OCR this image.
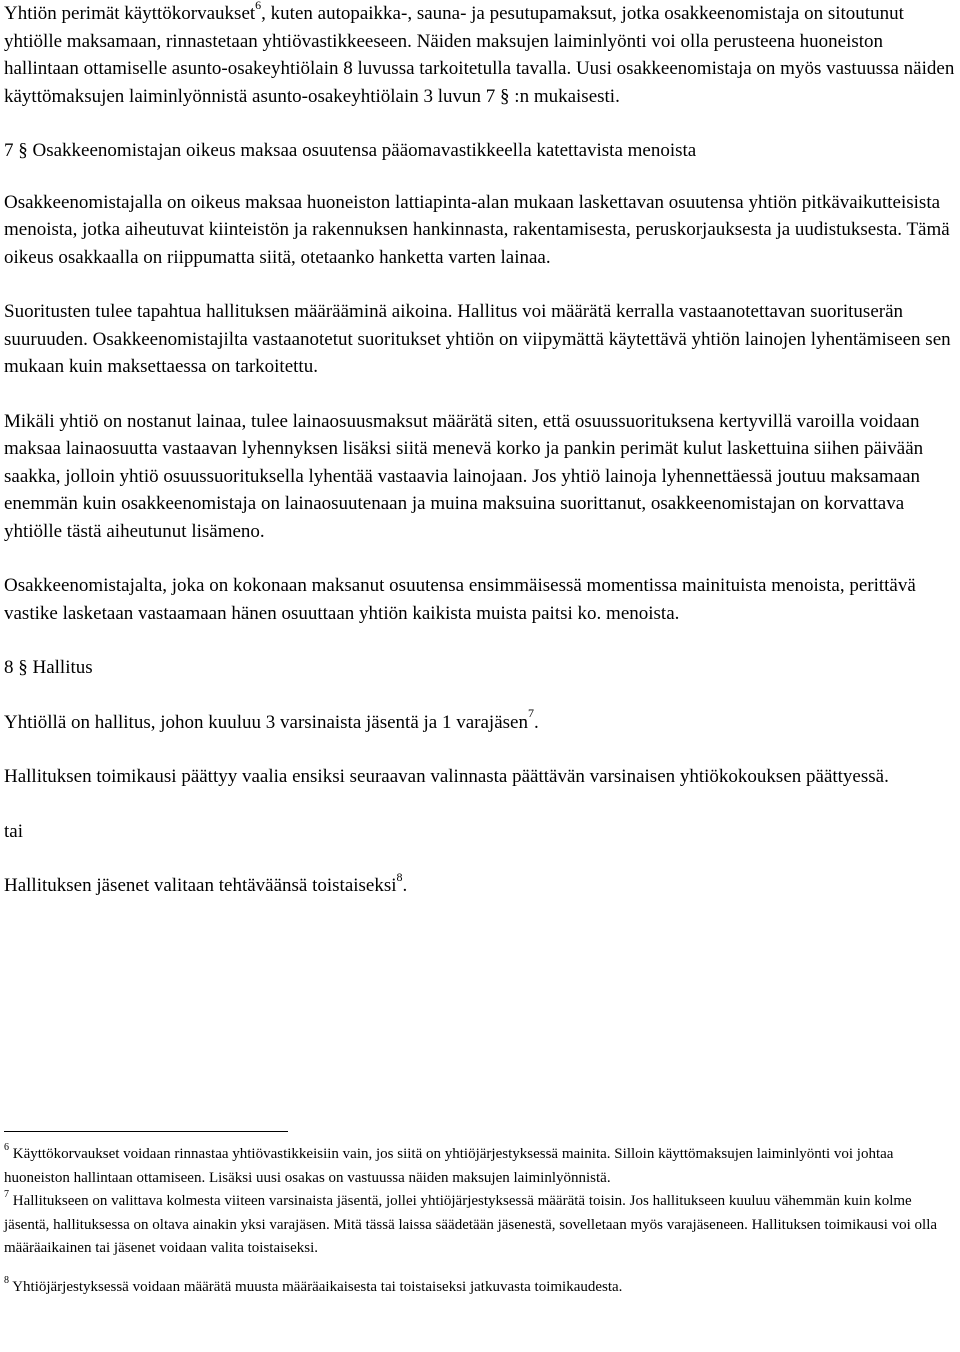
Yhtiön perimät käyttökorvaukset$^6$, kuten autopaikka-, sauna- ja pesutupamaksut, jotka osakkeenomistaja on sitoutunut yhtiölle maksamaan, rinnastetaan yhtiövastikkeeseen. Näiden maksujen laiminlyönti voi olla perusteena huoneiston hallintaan ottamiselle asunto-osakeyhtiölain 8 luvussa tarkoitetulla tavalla. Uusi osakkeenomistaja on myös vastuussa näiden käyttömaksujen laiminlyönnistä asunto-osakeyhtiölain 3 luvun 7 § :n mukaisesti.

7 § Osakkeenomistajan oikeus maksaa osuutensa pääomavastikkeella katettavista menoista

Osakkeenomistajalla on oikeus maksaa huoneiston lattiapinta-alan mukaan laskettavan osuutensa yhtiön pitkävaikutteisista menoista, jotka aiheutuvat kiinteistön ja rakennuksen hankinnasta, rakentamisesta, peruskorjauksesta ja uudistuksesta. Tämä oikeus osakkaalla on riippumatta siitä, otetaanko hanketta varten lainaa.

Suoritusten tulee tapahtua hallituksen määrääminä aikoina. Hallitus voi määrätä kerralla vastaanotettavan suorituserän suuruuden. Osakkeenomistajilta vastaanotetut suoritukset yhtiön on viipymättä käytettävä yhtiön lainojen lyhentämiseen sen mukaan kuin maksettaessa on tarkoitettu.

Mikäli yhtiö on nostanut lainaa, tulee lainaosuusmaksut määrätä siten, että osuussuorituksena kertyvillä varoilla voidaan maksaa lainaosuutta vastaavan lyhennyksen lisäksi siitä menevä korko ja pankin perimät kulut laskettuina siihen päivään saakka, jolloin yhtiö osuussuorituksella lyhentää vastaavia lainojaan. Jos yhtiö lainoja lyhennettäessä joutuu maksamaan enemmän kuin osakkeenomistaja on lainaosuutenaan ja muina maksuina suorittanut, osakkeenomistajan on korvattava yhtiölle tästä aiheutunut lisämeno.

Osakkeenomistajalta, joka on kokonaan maksanut osuutensa ensimmäisessä momentissa mainituista menoista, perittävä vastike lasketaan vastaamaan hänen osuuttaan yhtiön kaikista muista paitsi ko. menoista.

8 § Hallitus

Yhtiöllä on hallitus, johon kuuluu 3 varsinaista jäsentä ja 1 varajäsen$^7$.

Hallituksen toimikausi päättyy vaalia ensiksi seuraavan valinnasta päättävän varsinaisen yhtiökokouksen päättyessä.

tai

Hallituksen jäsenet valitaan tehtäväänsä toistaiseksi$^8$.

$^6$ Käyttökorvaukset voidaan rinnastaa yhtiövastikkeisiin vain, jos siitä on yhtiöjärjestyksessä mainita. Silloin käyttömaksujen laiminlyönti voi johtaa huoneiston hallintaan ottamiseen. Lisäksi uusi osakas on vastuussa näiden maksujen laiminlyönnistä.

$^7$ Hallitukseen on valittava kolmesta viiteen varsinaista jäsentä, jollei yhtiöjärjestyksessä määrätä toisin. Jos hallitukseen kuuluu vähemmän kuin kolme jäsentä, hallituksessa on oltava ainakin yksi varajäsen. Mitä tässä laissa säädetään jäsenestä, sovelletaan myös varajäseneen. Hallituksen toimikausi voi olla määräaikainen tai jäsenet voidaan valita toistaiseksi.

$^8$ Yhtiöjärjestyksessä voidaan määrätä muusta määräaikaisesta tai toistaiseksi jatkuvasta toimikaudesta.
